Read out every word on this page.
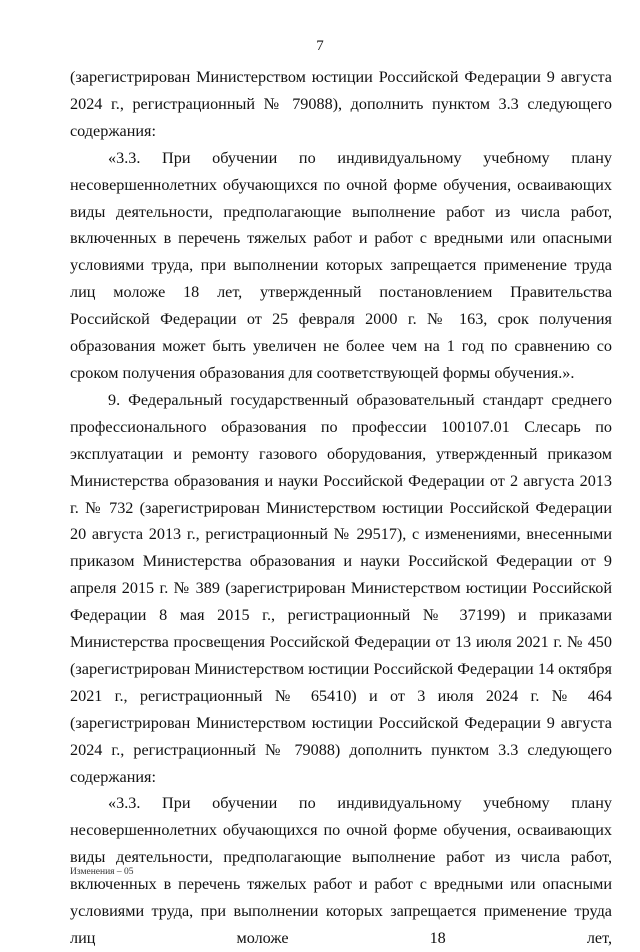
7

(зарегистрирован Министерством юстиции Российской Федерации 9 августа 2024 г., регистрационный № 79088), дополнить пунктом 3.3 следующего содержания:

«3.3. При обучении по индивидуальному учебному плану несовершеннолетних обучающихся по очной форме обучения, осваивающих виды деятельности, предполагающие выполнение работ из числа работ, включенных в перечень тяжелых работ и работ с вредными или опасными условиями труда, при выполнении которых запрещается применение труда лиц моложе 18 лет, утвержденный постановлением Правительства Российской Федерации от 25 февраля 2000 г. № 163, срок получения образования может быть увеличен не более чем на 1 год по сравнению со сроком получения образования для соответствующей формы обучения.».

9. Федеральный государственный образовательный стандарт среднего профессионального образования по профессии 100107.01 Слесарь по эксплуатации и ремонту газового оборудования, утвержденный приказом Министерства образования и науки Российской Федерации от 2 августа 2013 г. № 732 (зарегистрирован Министерством юстиции Российской Федерации 20 августа 2013 г., регистрационный № 29517), с изменениями, внесенными приказом Министерства образования и науки Российской Федерации от 9 апреля 2015 г. № 389 (зарегистрирован Министерством юстиции Российской Федерации 8 мая 2015 г., регистрационный № 37199) и приказами Министерства просвещения Российской Федерации от 13 июля 2021 г. № 450 (зарегистрирован Министерством юстиции Российской Федерации 14 октября 2021 г., регистрационный № 65410) и от 3 июля 2024 г. № 464 (зарегистрирован Министерством юстиции Российской Федерации 9 августа 2024 г., регистрационный № 79088) дополнить пунктом 3.3 следующего содержания:

«3.3. При обучении по индивидуальному учебному плану несовершеннолетних обучающихся по очной форме обучения, осваивающих виды деятельности, предполагающие выполнение работ из числа работ, включенных в перечень тяжелых работ и работ с вредными или опасными условиями труда, при выполнении которых запрещается применение труда лиц моложе 18 лет,

Изменения – 05
